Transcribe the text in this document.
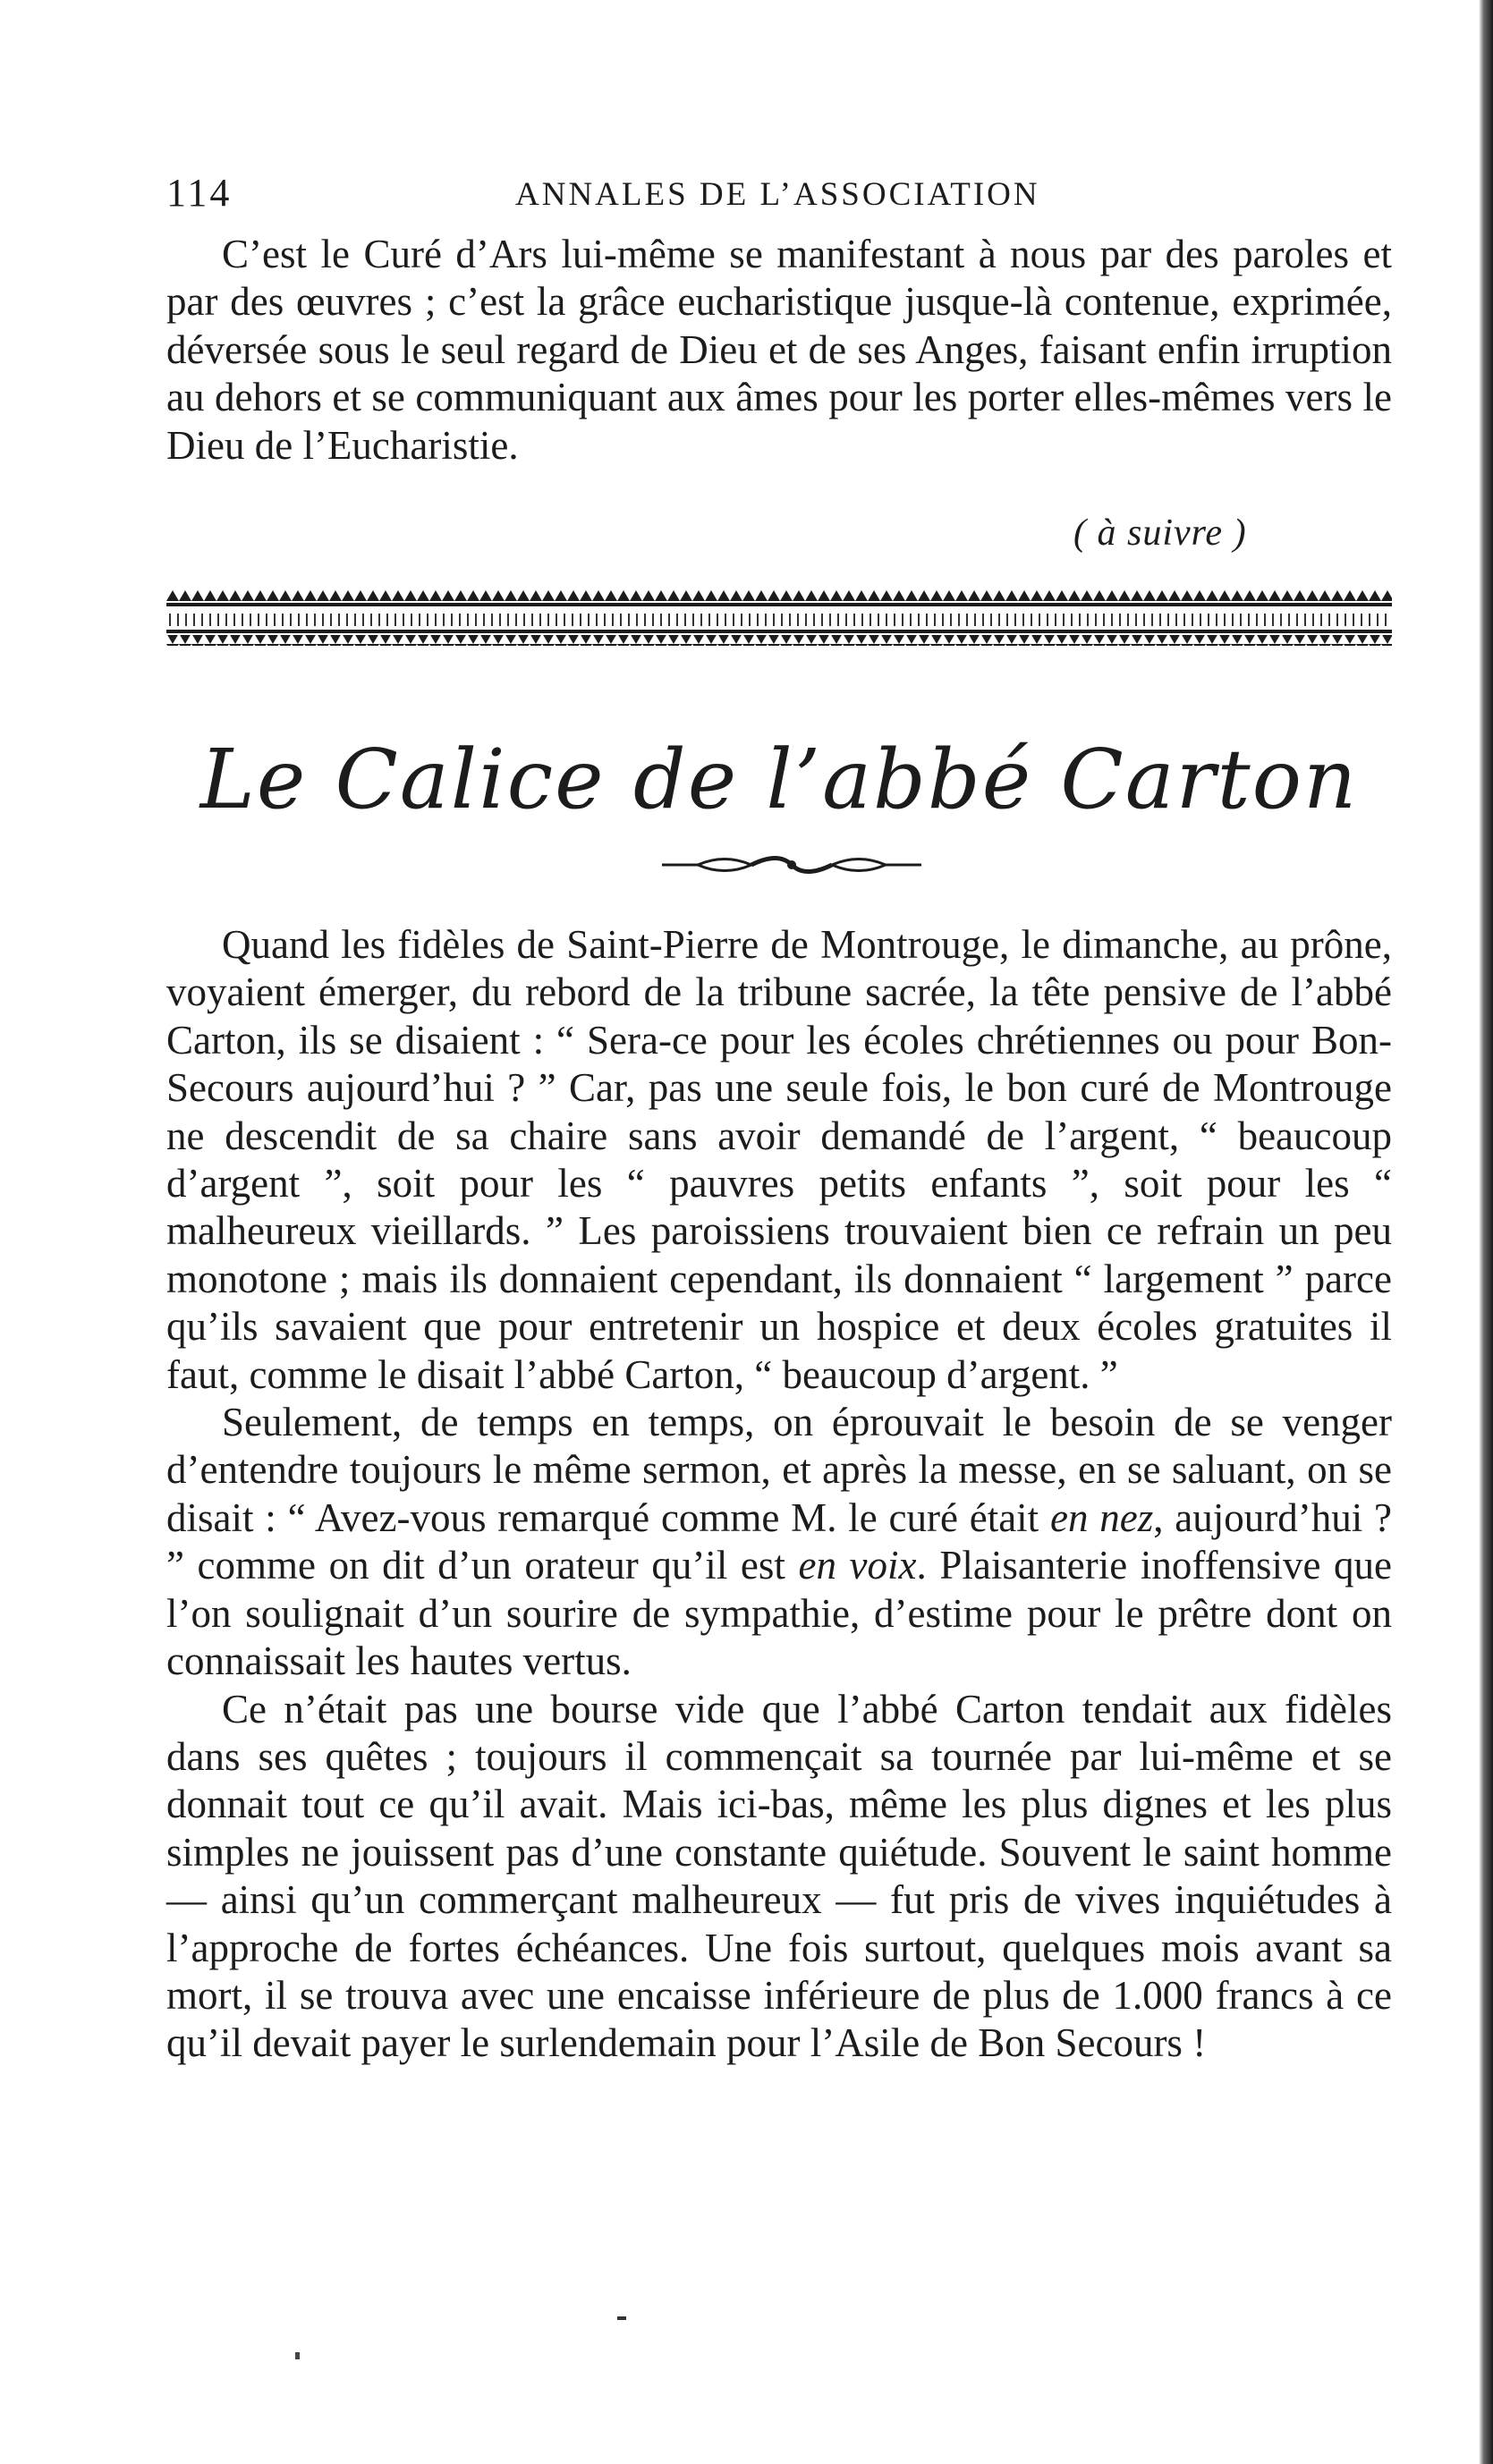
114	ANNALES DE L’ASSOCIATION

C’est le Curé d’Ars lui-même se manifestant à nous par des paroles et par des œuvres ; c’est la grâce eucharistique jusque-là contenue, exprimée, déversée sous le seul regard de Dieu et de ses Anges, faisant enfin irruption au dehors et se communiquant aux âmes pour les porter elles-mêmes vers le Dieu de l’Eucharistie.

( à suivre )
Le Calice de l’abbé Carton

Quand les fidèles de Saint-Pierre de Montrouge, le dimanche, au prône, voyaient émerger, du rebord de la tribune sacrée, la tête pensive de l’abbé Carton, ils se disaient : “ Sera-ce pour les écoles chrétiennes ou pour Bon-Secours aujourd’hui ? ” Car, pas une seule fois, le bon curé de Montrouge ne descendit de sa chaire sans avoir demandé de l’argent, “ beaucoup d’argent ”, soit pour les “ pauvres petits enfants ”, soit pour les “ malheureux vieillards. ” Les paroissiens trouvaient bien ce refrain un peu monotone ; mais ils donnaient cependant, ils donnaient “ largement ” parce qu’ils savaient que pour entretenir un hospice et deux écoles gratuites il faut, comme le disait l’abbé Carton, “ beaucoup d’argent. ”

Seulement, de temps en temps, on éprouvait le besoin de se venger d’entendre toujours le même sermon, et après la messe, en se saluant, on se disait : “ Avez-vous remarqué comme M. le curé était en nez, aujourd’hui ? ” comme on dit d’un orateur qu’il est en voix. Plaisanterie inoffensive que l’on soulignait d’un sourire de sympathie, d’estime pour le prêtre dont on connaissait les hautes vertus.

Ce n’était pas une bourse vide que l’abbé Carton tendait aux fidèles dans ses quêtes ; toujours il commençait sa tournée par lui-même et se donnait tout ce qu’il avait. Mais ici-bas, même les plus dignes et les plus simples ne jouissent pas d’une constante quiétude. Souvent le saint homme — ainsi qu’un commerçant malheureux — fut pris de vives inquiétudes à l’approche de fortes échéances. Une fois surtout, quelques mois avant sa mort, il se trouva avec une encaisse inférieure de plus de 1.000 francs à ce qu’il devait payer le surlendemain pour l’Asile de Bon Secours !
